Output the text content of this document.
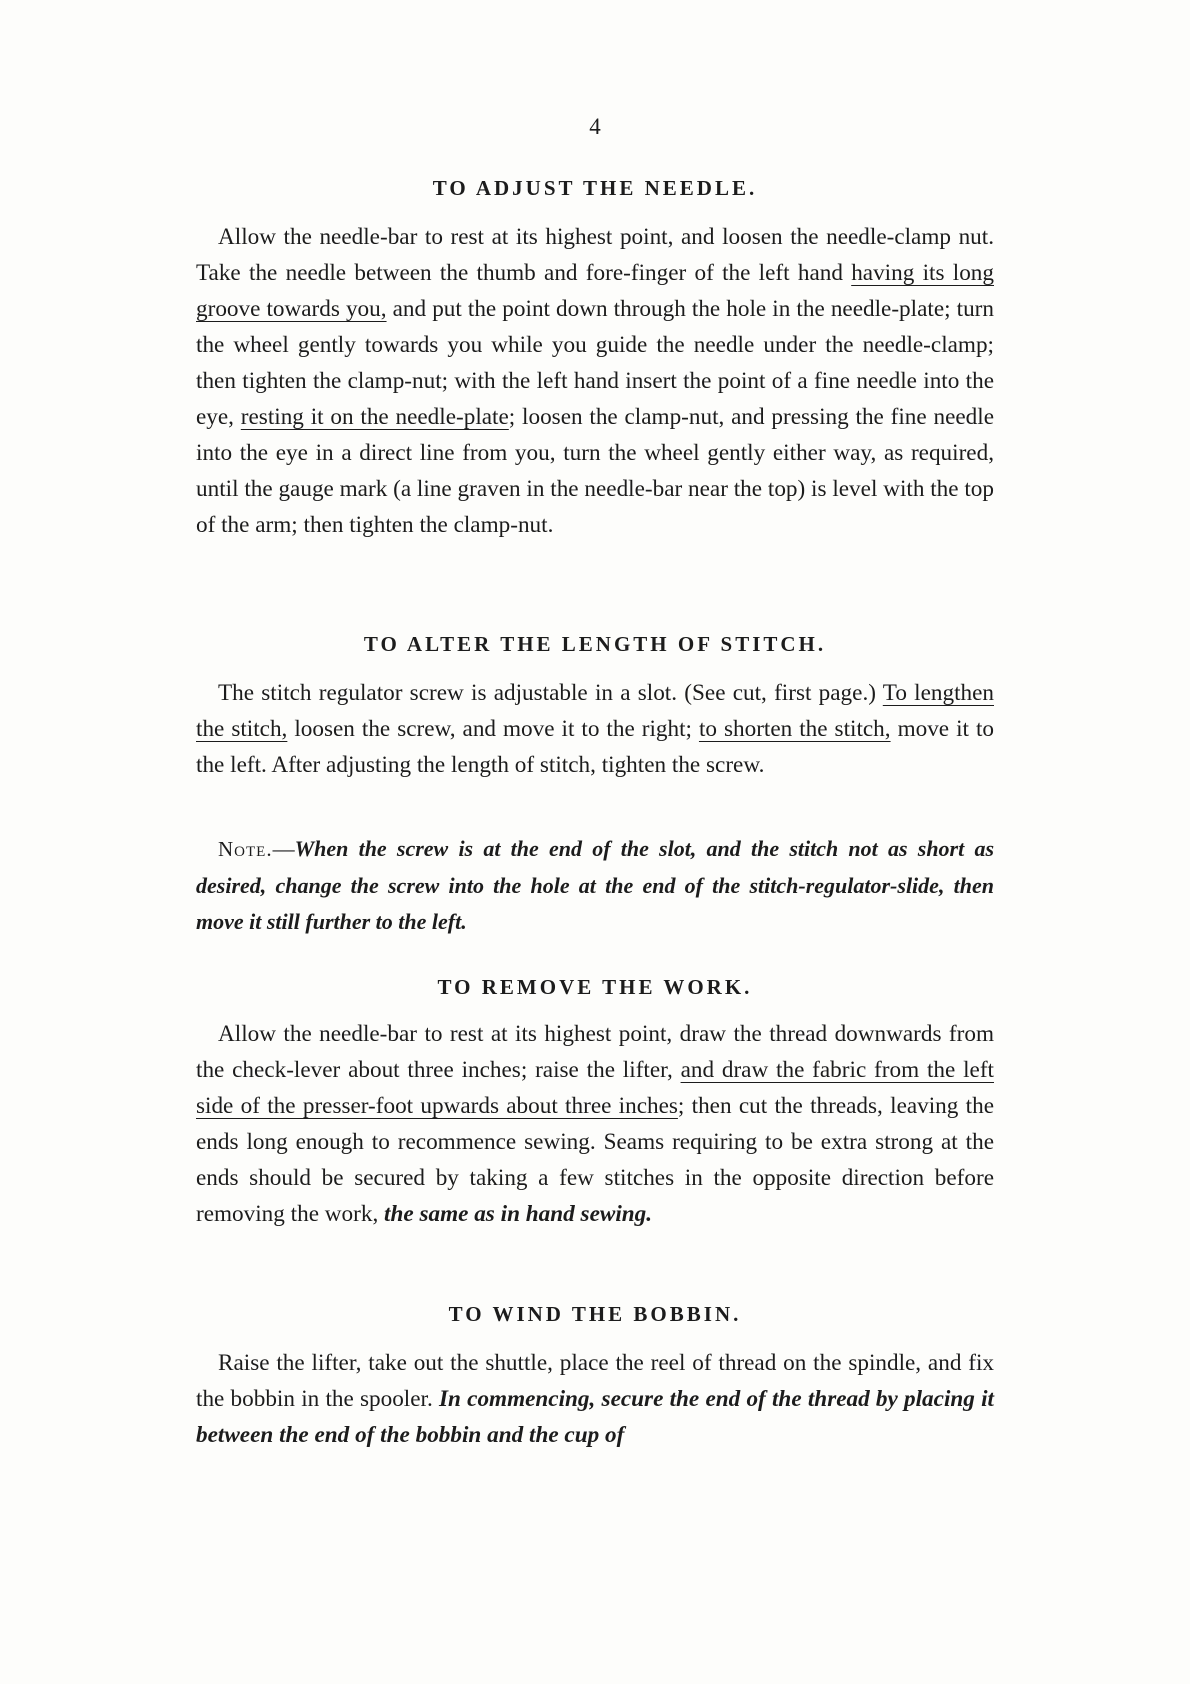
4
TO ADJUST THE NEEDLE.

Allow the needle-bar to rest at its highest point, and loosen the needle-clamp nut. Take the needle between the thumb and fore-finger of the left hand having its long groove towards you, and put the point down through the hole in the needle-plate; turn the wheel gently towards you while you guide the needle under the needle-clamp; then tighten the clamp-nut; with the left hand insert the point of a fine needle into the eye, resting it on the needle-plate; loosen the clamp-nut, and pressing the fine needle into the eye in a direct line from you, turn the wheel gently either way, as required, until the gauge mark (a line graven in the needle-bar near the top) is level with the top of the arm; then tighten the clamp-nut.

TO ALTER THE LENGTH OF STITCH.

The stitch regulator screw is adjustable in a slot. (See cut, first page.) To lengthen the stitch, loosen the screw, and move it to the right; to shorten the stitch, move it to the left. After adjusting the length of stitch, tighten the screw.

Note.—When the screw is at the end of the slot, and the stitch not as short as desired, change the screw into the hole at the end of the stitch-regulator-slide, then move it still further to the left.

TO REMOVE THE WORK.

Allow the needle-bar to rest at its highest point, draw the thread downwards from the check-lever about three inches; raise the lifter, and draw the fabric from the left side of the presser-foot upwards about three inches; then cut the threads, leaving the ends long enough to recommence sewing. Seams requiring to be extra strong at the ends should be secured by taking a few stitches in the opposite direction before removing the work, the same as in hand sewing.

TO WIND THE BOBBIN.

Raise the lifter, take out the shuttle, place the reel of thread on the spindle, and fix the bobbin in the spooler. In commencing, secure the end of the thread by placing it between the end of the bobbin and the cup of
